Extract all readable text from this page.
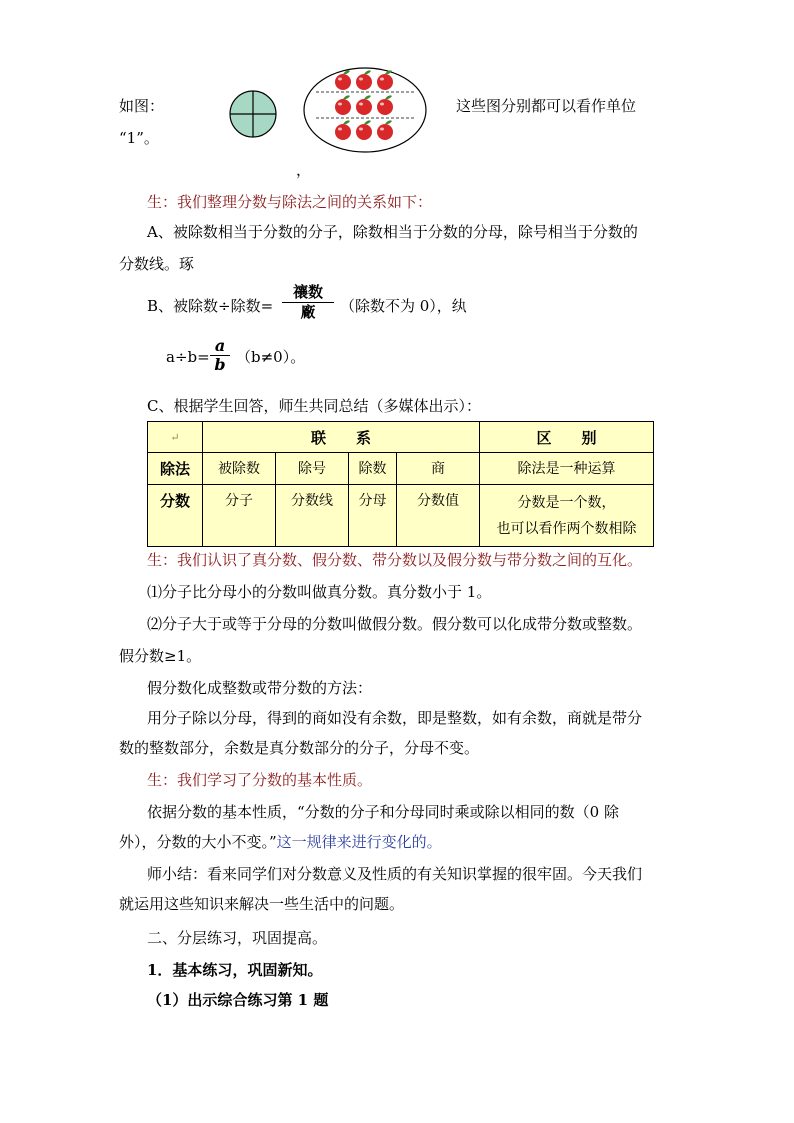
如图：	这些图分别都可以看作单位
“1”。
，
生：我们整理分数与除法之间的关系如下：
A、被除数相当于分数的分子，除数相当于分数的分母，除号相当于分数的
分数线。琢
B、被除数÷除数=
禳数
廠	（除数不为 0），纨
$a\div b= \frac{a}{b} (b\ne 0)$。
C、根据学生回答，师生共同总结（多媒体出示）：
↵	联　　系				区　　别
除法	被除数	除号	除数	商	除法是一种运算
分数	分子	分数线	分母	分数值	分数是一个数，
也可以看作两个数相除
生：我们认识了真分数、假分数、带分数以及假分数与带分数之间的互化。
⑴分子比分母小的分数叫做真分数。真分数小于 1。
⑵分子大于或等于分母的分数叫做假分数。假分数可以化成带分数或整数。
假分数≥1。
假分数化成整数或带分数的方法：
用分子除以分母，得到的商如没有余数，即是整数，如有余数，商就是带分
数的整数部分，余数是真分数部分的分子，分母不变。
生：我们学习了分数的基本性质。
依据分数的基本性质，“分数的分子和分母同时乘或除以相同的数（0 除
外），分数的大小不变。”这一规律来进行变化的。
师小结：看来同学们对分数意义及性质的有关知识掌握的很牢固。今天我们
就运用这些知识来解决一些生活中的问题。
二、分层练习，巩固提高。
1．基本练习，巩固新知。
（1）出示综合练习第 1 题
